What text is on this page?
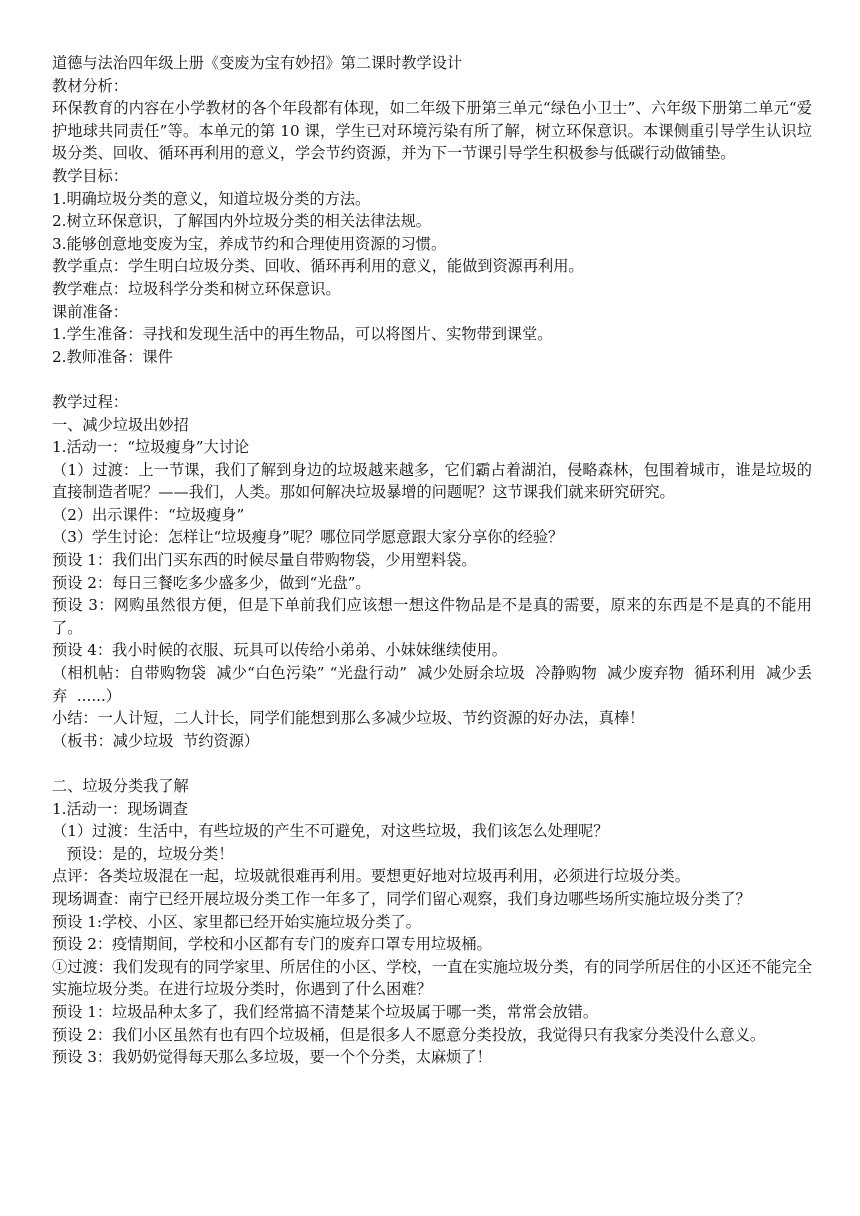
道德与法治四年级上册《变废为宝有妙招》第二课时教学设计

教材分析：

环保教育的内容在小学教材的各个年段都有体现，如二年级下册第三单元“绿色小卫士”、六年级下册第二单元“爱护地球共同责任”等。本单元的第 10 课，学生已对环境污染有所了解，树立环保意识。本课侧重引导学生认识垃圾分类、回收、循环再利用的意义，学会节约资源，并为下一节课引导学生积极参与低碳行动做铺垫。

教学目标：

1.明确垃圾分类的意义，知道垃圾分类的方法。

2.树立环保意识，了解国内外垃圾分类的相关法律法规。

3.能够创意地变废为宝，养成节约和合理使用资源的习惯。

教学重点：学生明白垃圾分类、回收、循环再利用的意义，能做到资源再利用。

教学难点：垃圾科学分类和树立环保意识。

课前准备：

1.学生准备：寻找和发现生活中的再生物品，可以将图片、实物带到课堂。

2.教师准备：课件

教学过程：

一、减少垃圾出妙招

1.活动一：“垃圾瘦身”大讨论

（1）过渡：上一节课，我们了解到身边的垃圾越来越多，它们霸占着湖泊，侵略森林，包围着城市，谁是垃圾的直接制造者呢？——我们，人类。那如何解决垃圾暴增的问题呢？这节课我们就来研究研究。

（2）出示课件：“垃圾瘦身”

（3）学生讨论：怎样让“垃圾瘦身”呢？哪位同学愿意跟大家分享你的经验？

预设 1：我们出门买东西的时候尽量自带购物袋，少用塑料袋。

预设 2：每日三餐吃多少盛多少，做到“光盘”。

预设 3：网购虽然很方便，但是下单前我们应该想一想这件物品是不是真的需要，原来的东西是不是真的不能用了。

预设 4：我小时候的衣服、玩具可以传给小弟弟、小妹妹继续使用。

（相机帖：自带购物袋  减少“白色污染” “光盘行动”  减少处厨余垃圾  冷静购物  减少废弃物  循环利用  减少丢弃  ......）

小结：一人计短，二人计长，同学们能想到那么多减少垃圾、节约资源的好办法，真棒！

（板书：减少垃圾  节约资源）

二、垃圾分类我了解

1.活动一：现场调查

（1）过渡：生活中，有些垃圾的产生不可避免，对这些垃圾，我们该怎么处理呢？

预设：是的，垃圾分类！

点评：各类垃圾混在一起，垃圾就很难再利用。要想更好地对垃圾再利用，必须进行垃圾分类。

现场调查：南宁已经开展垃圾分类工作一年多了，同学们留心观察，我们身边哪些场所实施垃圾分类了？

预设 1:学校、小区、家里都已经开始实施垃圾分类了。

预设 2：疫情期间，学校和小区都有专门的废弃口罩专用垃圾桶。

①过渡：我们发现有的同学家里、所居住的小区、学校，一直在实施垃圾分类，有的同学所居住的小区还不能完全实施垃圾分类。在进行垃圾分类时，你遇到了什么困难？

预设 1：垃圾品种太多了，我们经常搞不清楚某个垃圾属于哪一类，常常会放错。

预设 2：我们小区虽然有也有四个垃圾桶，但是很多人不愿意分类投放，我觉得只有我家分类没什么意义。

预设 3：我奶奶觉得每天那么多垃圾，要一个个分类，太麻烦了！
